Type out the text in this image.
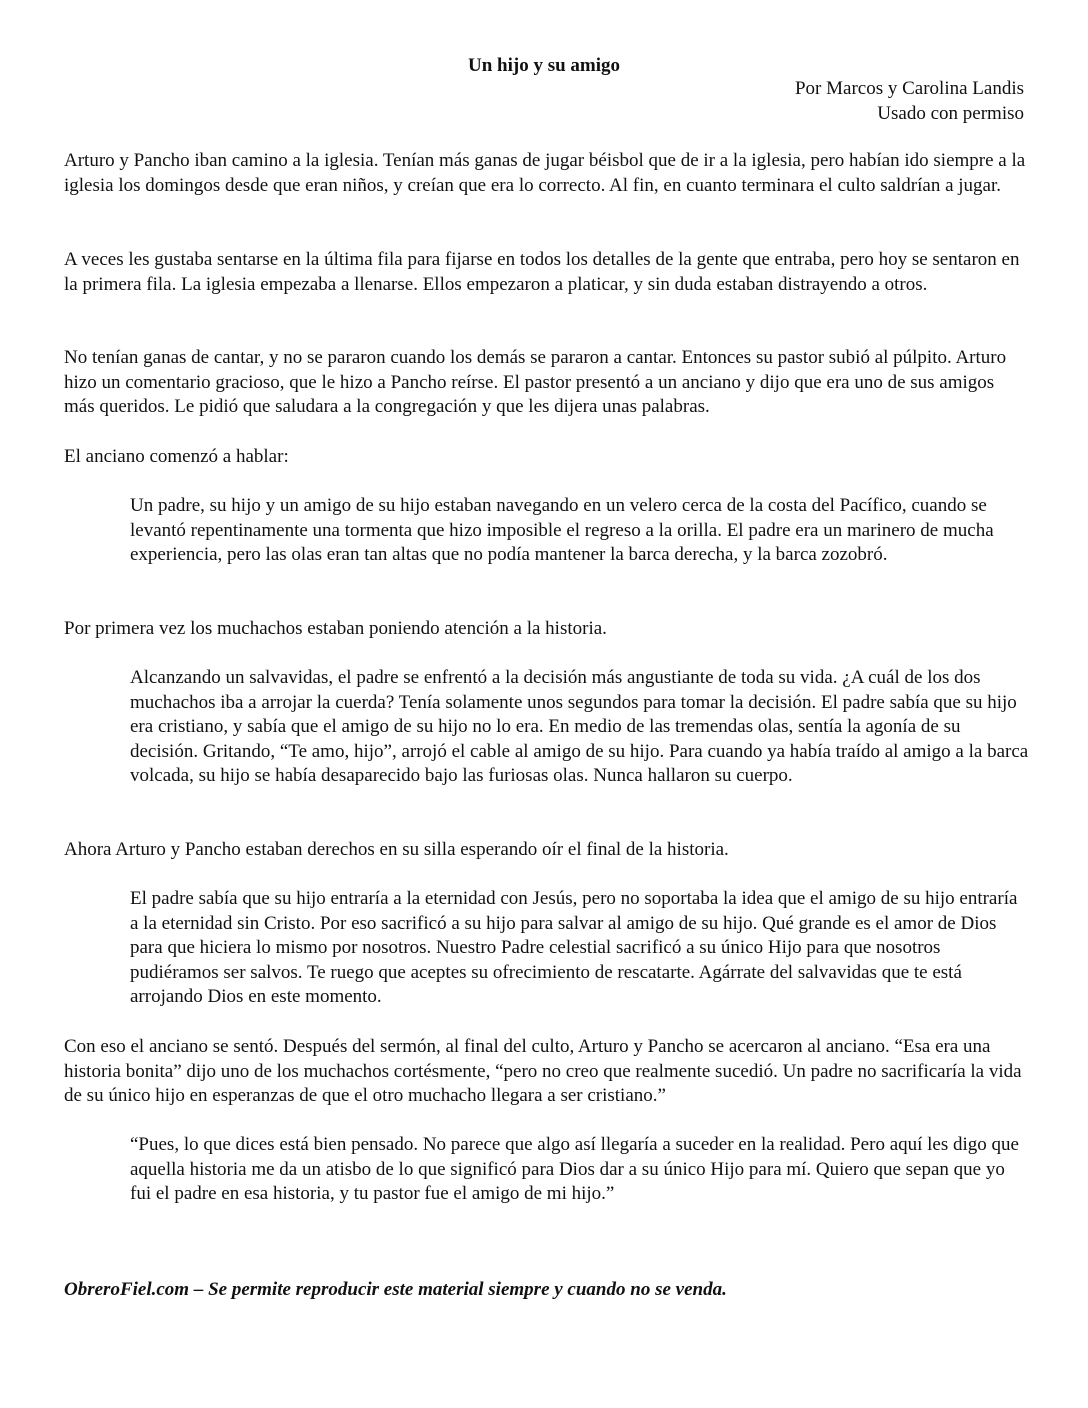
Un hijo y su amigo
Por Marcos y Carolina Landis
Usado con permiso

Arturo y Pancho iban camino a la iglesia. Tenían más ganas de jugar béisbol que de ir a la iglesia, pero habían ido siempre a la iglesia los domingos desde que eran niños, y creían que era lo correcto. Al fin, en cuanto terminara el culto saldrían a jugar.

A veces les gustaba sentarse en la última fila para fijarse en todos los detalles de la gente que entraba, pero hoy se sentaron en la primera fila. La iglesia empezaba a llenarse. Ellos empezaron a platicar, y sin duda estaban distrayendo a otros.

No tenían ganas de cantar, y no se pararon cuando los demás se pararon a cantar. Entonces su pastor subió al púlpito. Arturo hizo un comentario gracioso, que le hizo a Pancho reírse. El pastor presentó a un anciano y dijo que era uno de sus amigos más queridos. Le pidió que saludara a la congregación y que les dijera unas palabras.

El anciano comenzó a hablar:

Un padre, su hijo y un amigo de su hijo estaban navegando en un velero cerca de la costa del Pacífico, cuando se levantó repentinamente una tormenta que hizo imposible el regreso a la orilla. El padre era un marinero de mucha experiencia, pero las olas eran tan altas que no podía mantener la barca derecha, y la barca zozobró.

Por primera vez los muchachos estaban poniendo atención a la historia.

Alcanzando un salvavidas, el padre se enfrentó a la decisión más angustiante de toda su vida. ¿A cuál de los dos muchachos iba a arrojar la cuerda? Tenía solamente unos segundos para tomar la decisión. El padre sabía que su hijo era cristiano, y sabía que el amigo de su hijo no lo era. En medio de las tremendas olas, sentía la agonía de su decisión. Gritando, “Te amo, hijo”, arrojó el cable al amigo de su hijo. Para cuando ya había traído al amigo a la barca volcada, su hijo se había desaparecido bajo las furiosas olas. Nunca hallaron su cuerpo.

Ahora Arturo y Pancho estaban derechos en su silla esperando oír el final de la historia.

El padre sabía que su hijo entraría a la eternidad con Jesús, pero no soportaba la idea que el amigo de su hijo entraría a la eternidad sin Cristo. Por eso sacrificó a su hijo para salvar al amigo de su hijo. Qué grande es el amor de Dios para que hiciera lo mismo por nosotros. Nuestro Padre celestial sacrificó a su único Hijo para que nosotros pudiéramos ser salvos. Te ruego que aceptes su ofrecimiento de rescatarte. Agárrate del salvavidas que te está arrojando Dios en este momento.

Con eso el anciano se sentó. Después del sermón, al final del culto, Arturo y Pancho se acercaron al anciano. “Esa era una historia bonita” dijo uno de los muchachos cortésmente, “pero no creo que realmente sucedió. Un padre no sacrificaría la vida de su único hijo en esperanzas de que el otro muchacho llegara a ser cristiano.”

“Pues, lo que dices está bien pensado. No parece que algo así llegaría a suceder en la realidad. Pero aquí les digo que aquella historia me da un atisbo de lo que significó para Dios dar a su único Hijo para mí. Quiero que sepan que yo fui el padre en esa historia, y tu pastor fue el amigo de mi hijo.”

ObreroFiel.com – Se permite reproducir este material siempre y cuando no se venda.
